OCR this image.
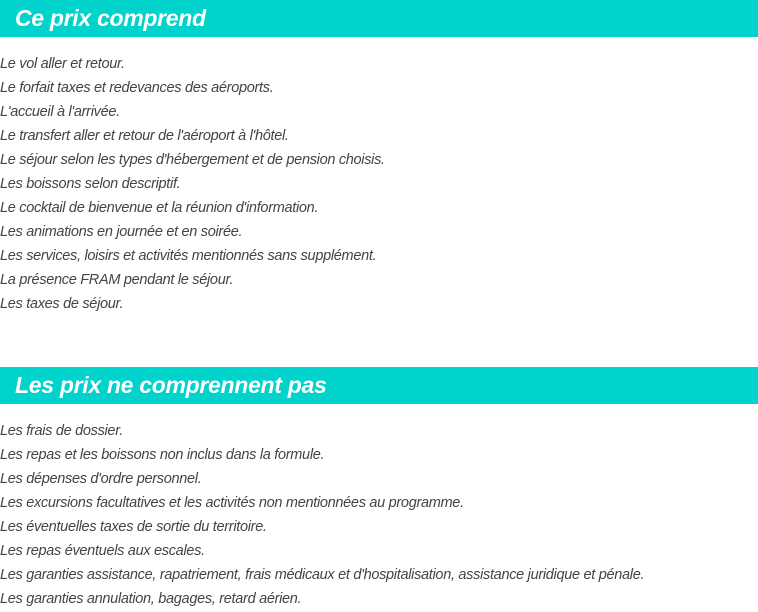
Ce prix comprend
Le vol aller et retour.
Le forfait taxes et redevances des aéroports.
L'accueil à l'arrivée.
Le transfert aller et retour de l'aéroport à l'hôtel.
Le séjour selon les types d'hébergement et de pension choisis.
Les boissons selon descriptif.
Le cocktail de bienvenue et la réunion d'information.
Les animations en journée et en soirée.
Les services, loisirs et activités mentionnés sans supplément.
La présence FRAM pendant le séjour.
Les taxes de séjour.
Les prix ne comprennent pas
Les frais de dossier.
Les repas et les boissons non inclus dans la formule.
Les dépenses d'ordre personnel.
Les excursions facultatives et les activités non mentionnées au programme.
Les éventuelles taxes de sortie du territoire.
Les repas éventuels aux escales.
Les garanties assistance, rapatriement, frais médicaux et d'hospitalisation, assistance juridique et pénale.
Les garanties annulation, bagages, retard aérien.
